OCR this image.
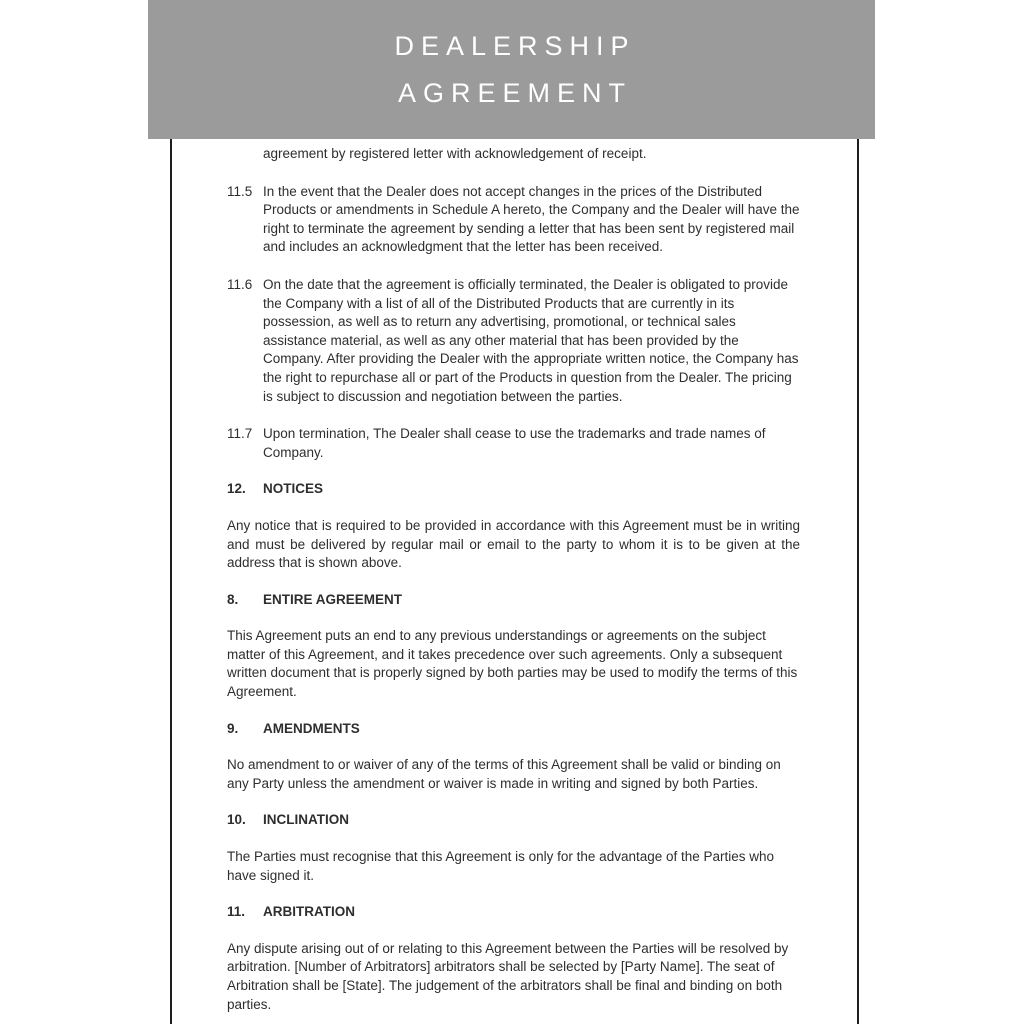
agreement by registered letter with acknowledgement of receipt.
11.5 In the event that the Dealer does not accept changes in the prices of the Distributed Products or amendments in Schedule A hereto, the Company and the Dealer will have the right to terminate the agreement by sending a letter that has been sent by registered mail and includes an acknowledgment that the letter has been received.
11.6 On the date that the agreement is officially terminated, the Dealer is obligated to provide the Company with a list of all of the Distributed Products that are currently in its possession, as well as to return any advertising, promotional, or technical sales assistance material, as well as any other material that has been provided by the Company. After providing the Dealer with the appropriate written notice, the Company has the right to repurchase all or part of the Products in question from the Dealer. The pricing is subject to discussion and negotiation between the parties.
11.7 Upon termination, The Dealer shall cease to use the trademarks and trade names of Company.
12.	NOTICES
Any notice that is required to be provided in accordance with this Agreement must be in writing and must be delivered by regular mail or email to the party to whom it is to be given at the address that is shown above.
8.	ENTIRE AGREEMENT
This Agreement puts an end to any previous understandings or agreements on the subject matter of this Agreement, and it takes precedence over such agreements. Only a subsequent written document that is properly signed by both parties may be used to modify the terms of this Agreement.
9.	AMENDMENTS
No amendment to or waiver of any of the terms of this Agreement shall be valid or binding on any Party unless the amendment or waiver is made in writing and signed by both Parties.
10.	INCLINATION
The Parties must recognise that this Agreement is only for the advantage of the Parties who have signed it.
11.	ARBITRATION
Any dispute arising out of or relating to this Agreement between the Parties will be resolved by arbitration. [Number of Arbitrators] arbitrators shall be selected by [Party Name]. The seat of Arbitration shall be [State]. The judgement of the arbitrators shall be final and binding on both parties.
DEALERSHIP
AGREEMENT
